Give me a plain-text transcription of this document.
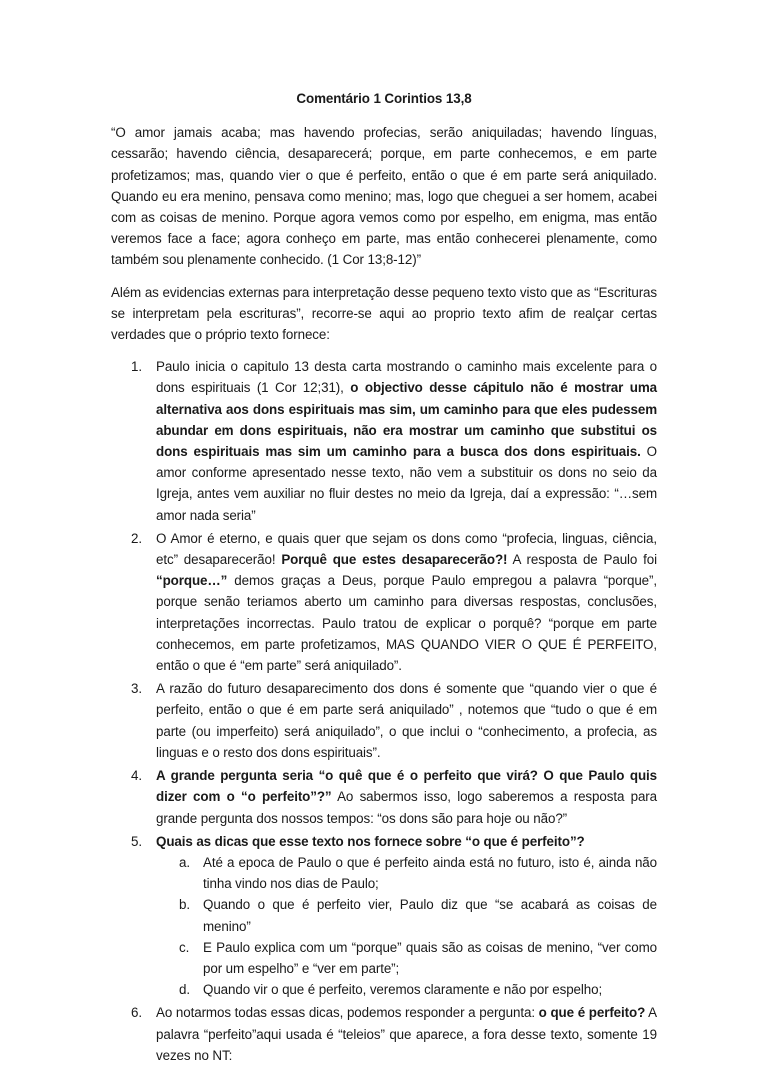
Comentário 1 Corintios 13,8

“O amor jamais acaba; mas havendo profecias, serão aniquiladas; havendo línguas, cessarão; havendo ciência, desaparecerá; porque, em parte conhecemos, e em parte profetizamos; mas, quando vier o que é perfeito, então o que é em parte será aniquilado. Quando eu era menino, pensava como menino; mas, logo que cheguei a ser homem, acabei com as coisas de menino. Porque agora vemos como por espelho, em enigma, mas então veremos face a face; agora conheço em parte, mas então conhecerei plenamente, como também sou plenamente conhecido. (1 Cor 13;8-12)”

Além as evidencias externas para interpretação desse pequeno texto visto que as “Escrituras se interpretam pela escrituras”, recorre-se aqui ao proprio texto afim de realçar certas verdades que o próprio texto fornece:

1.	Paulo inicia o capitulo 13 desta carta mostrando o caminho mais excelente para o dons espirituais (1 Cor 12;31), o objectivo desse cápitulo não é mostrar uma alternativa aos dons espirituais mas sim, um caminho para que eles pudessem abundar em dons espirituais, não era mostrar um caminho que substitui os dons espirituais mas sim um caminho para a busca dos dons espirituais. O amor conforme apresentado nesse texto, não vem a substituir os dons no seio da Igreja, antes vem auxiliar no fluir destes no meio da Igreja, daí a expressão: “…sem amor nada seria”
2.	O Amor é eterno, e quais quer que sejam os dons como “profecia, linguas, ciência, etc” desaparecerão! Porquê que estes desaparecerão?! A resposta de Paulo foi “porque…” demos graças a Deus, porque Paulo empregou a palavra “porque”, porque senão teriamos aberto um caminho para diversas respostas, conclusões, interpretações incorrectas. Paulo tratou de explicar o porquê? “porque em parte conhecemos, em parte profetizamos, MAS QUANDO VIER O QUE É PERFEITO, então o que é “em parte” será aniquilado”.
3.	A razão do futuro desaparecimento dos dons é somente que “quando vier o que é perfeito, então o que é em parte será aniquilado” , notemos que “tudo o que é em parte (ou imperfeito) será aniquilado”, o que inclui o “conhecimento, a profecia, as linguas e o resto dos dons espirituais”.
4.	A grande pergunta seria “o quê que é o perfeito que virá? O que Paulo quis dizer com o “o perfeito”?” Ao sabermos isso, logo saberemos a resposta para grande pergunta dos nossos tempos: “os dons são para hoje ou não?”
5.	Quais as dicas que esse texto nos fornece sobre “o que é perfeito”?
a. Até a epoca de Paulo o que é perfeito ainda está no futuro, isto é, ainda não tinha vindo nos dias de Paulo;
b. Quando o que é perfeito vier, Paulo diz que “se acabará as coisas de menino”
c. E Paulo explica com um “porque” quais são as coisas de menino, “ver como por um espelho” e “ver em parte”;
d. Quando vir o que é perfeito, veremos claramente e não por espelho;
6.	Ao notarmos todas essas dicas, podemos responder a pergunta: o que é perfeito? A palavra “perfeito”aqui usada é “teleios” que aparece, a fora desse texto, somente 19 vezes no NT:
